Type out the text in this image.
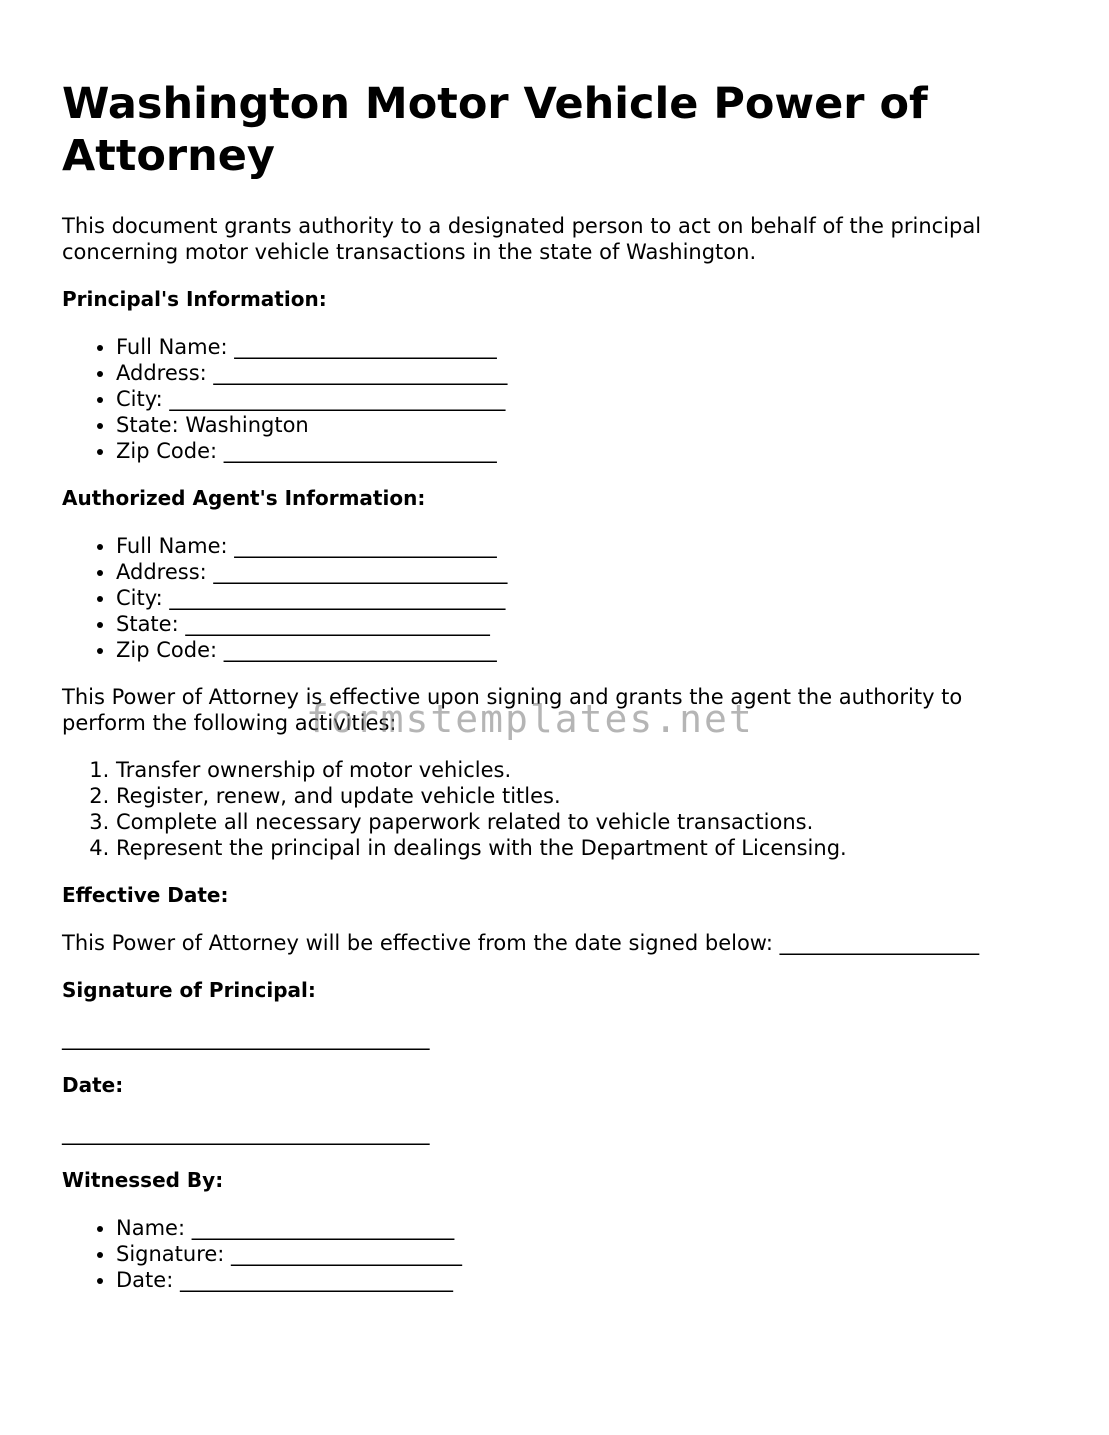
Washington Motor Vehicle Power of Attorney

This document grants authority to a designated person to act on behalf of the principal concerning motor vehicle transactions in the state of Washington.

Principal's Information:
• Full Name: _________________________
• Address: ____________________________
• City: ________________________________
• State: Washington
• Zip Code: __________________________
Authorized Agent's Information:
• Full Name: _________________________
• Address: ____________________________
• City: ________________________________
• State: _____________________________
• Zip Code: __________________________

This Power of Attorney is effective upon signing and grants the agent the authority to perform the following activities:

1. Transfer ownership of motor vehicles.
2. Register, renew, and update vehicle titles.
3. Complete all necessary paperwork related to vehicle transactions.
4. Represent the principal in dealings with the Department of Licensing.
Effective Date:

This Power of Attorney will be effective from the date signed below: ___________________

Signature of Principal:
___________________________________
Date:
___________________________________
Witnessed By:
• Name: _________________________
• Signature: ______________________
• Date: __________________________
formstemplates.net
